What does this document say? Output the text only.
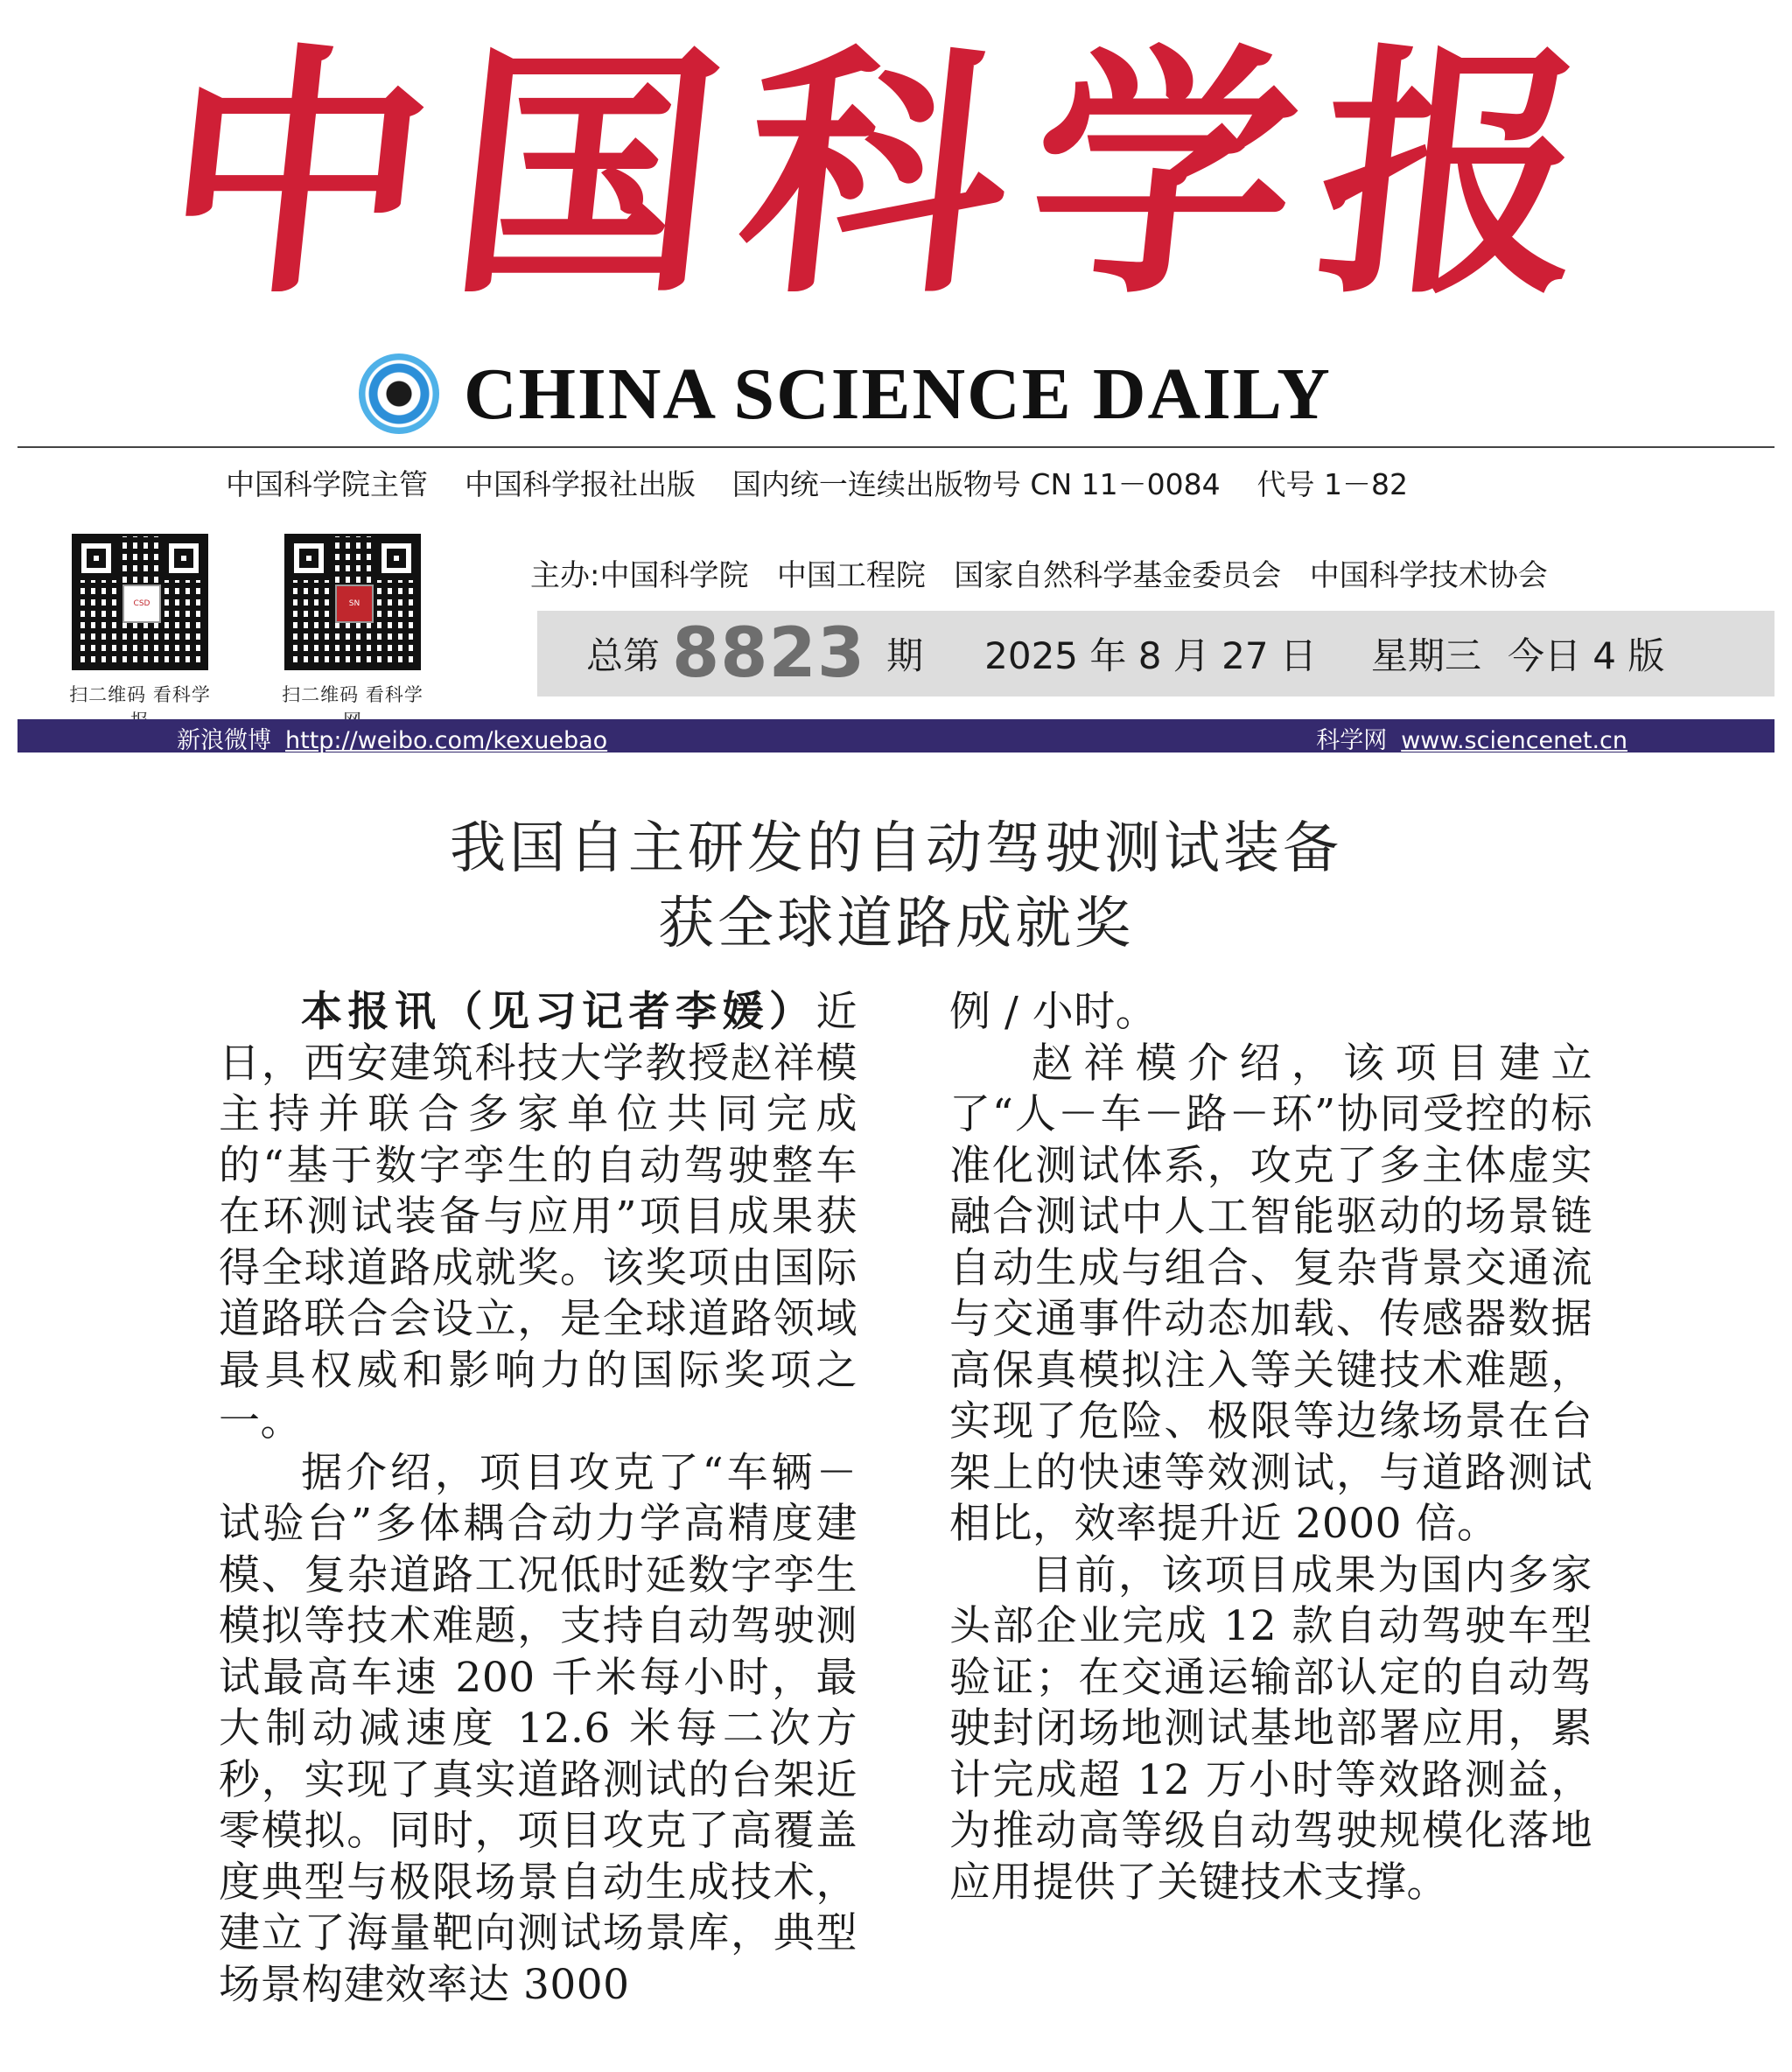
中
国
科
学
报
CHINA SCIENCE DAILY
中国科学院主管    中国科学报社出版    国内统一连续出版物号 CN 11－0084    代号 1－82
CSD
扫二维码 看科学
SN
扫二维码 看科学
主办:中国科学院   中国工程院   国家自然科学基金委员会   中国科学技术协会
总第 8823 期 2025 年 8 月 27 日 星期三 今日 4 版
新浪微博 http://weibo.com/kexuebao	科学网 www.sciencenet.cn
我国自主研发的自动驾驶测试装备
获全球道路成就奖

本报讯（见习记者李媛）近日，西安建筑科技大学教授赵祥模主持并联合多家单位共同完成的“基于数字孪生的自动驾驶整车在环测试装备与应用”项目成果获得全球道路成就奖。该奖项由国际道路联合会设立，是全球道路领域最具权威和影响力的国际奖项之一。

据介绍，项目攻克了“车辆－试验台”多体耦合动力学高精度建模、复杂道路工况低时延数字孪生模拟等技术难题，支持自动驾驶测试最高车速 200 千米每小时，最大制动减速度 12.6 米每二次方秒，实现了真实道路测试的台架近零模拟。同时，项目攻克了高覆盖度典型与极限场景自动生成技术，建立了海量靶向测试场景库，典型场景构建效率达 3000

例 / 小时。

赵祥模介绍，该项目建立了“人－车－路－环”协同受控的标准化测试体系，攻克了多主体虚实融合测试中人工智能驱动的场景链自动生成与组合、复杂背景交通流与交通事件动态加载、传感器数据高保真模拟注入等关键技术难题，实现了危险、极限等边缘场景在台架上的快速等效测试，与道路测试相比，效率提升近 2000 倍。

目前，该项目成果为国内多家头部企业完成 12 款自动驾驶车型验证；在交通运输部认定的自动驾驶封闭场地测试基地部署应用，累计完成超 12 万小时等效路测益，为推动高等级自动驾驶规模化落地应用提供了关键技术支撑。
